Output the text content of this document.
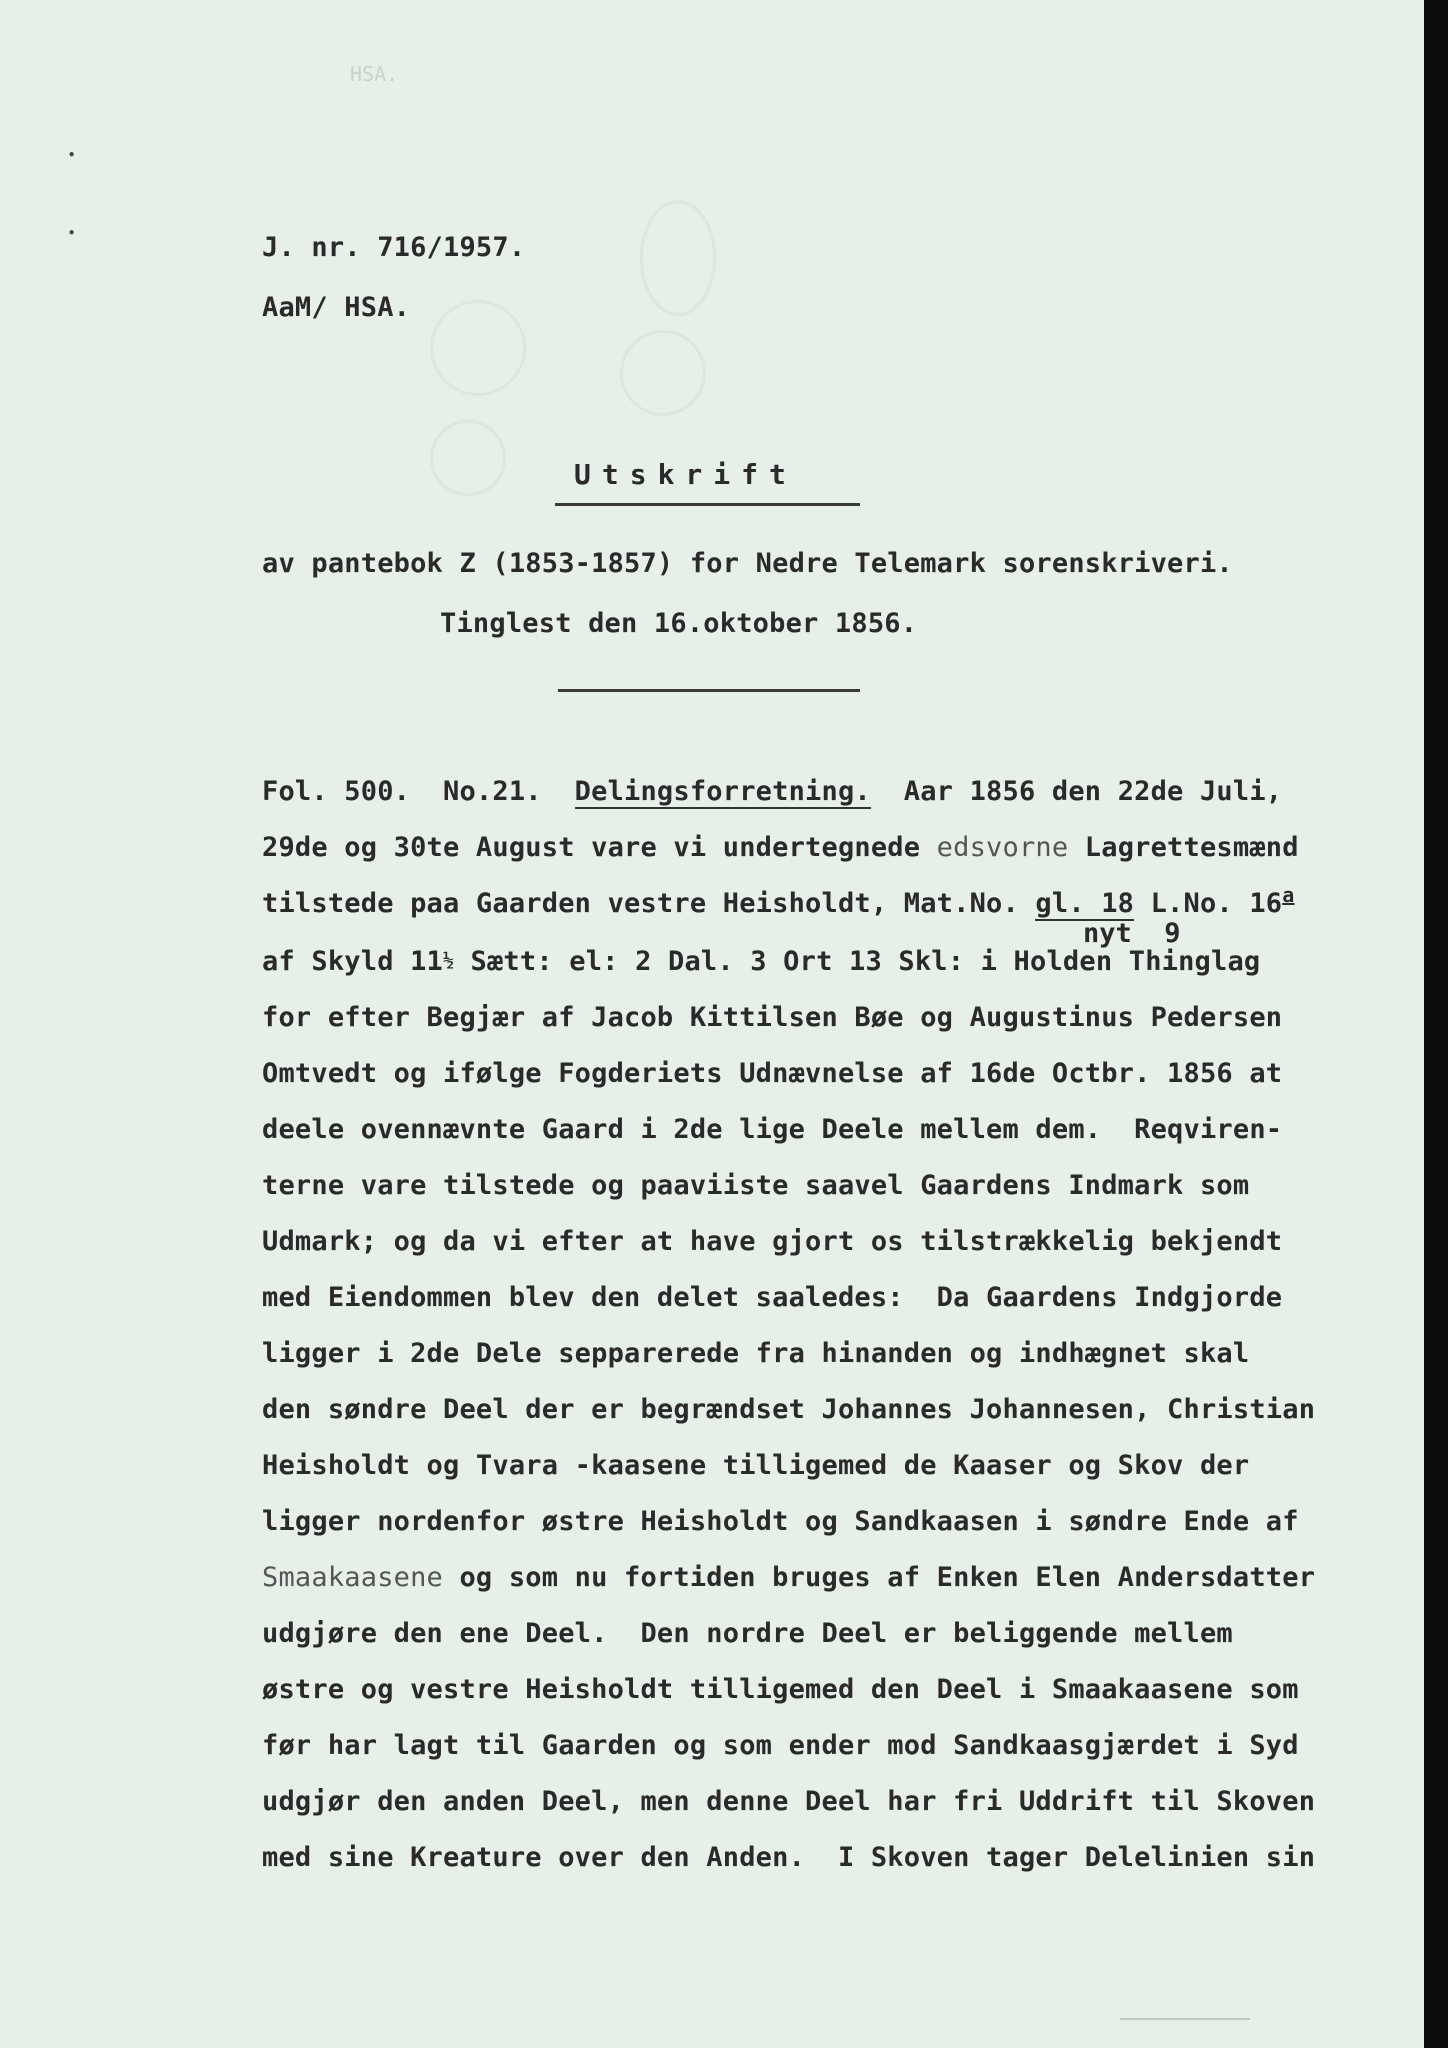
HSA.
•
•	J. nr. 716/1957.
AaM/ HSA.
Utskrift
av pantebok Z (1853-1857) for Nedre Telemark sorenskriveri.
Tinglest den 16.oktober 1856.
Fol. 500.  No.21.  Delingsforretning.  Aar 1856 den 22de Juli,
29de og 30te August vare vi undertegnede edsvorne Lagrettesmænd
tilstede paa Gaarden vestre Heisholdt, Mat.No. gl. 18 L.No. 16$^a$
nyt  9
af Skyld 11½ Sætt: el: 2 Dal. 3 Ort 13 Skl: i Holden Thinglag
for efter Begjær af Jacob Kittilsen Bøe og Augustinus Pedersen
Omtvedt og ifølge Fogderiets Udnævnelse af 16de Octbr. 1856 at
deele ovennævnte Gaard i 2de lige Deele mellem dem.  Reqviren-
terne vare tilstede og paaviiste saavel Gaardens Indmark som
Udmark; og da vi efter at have gjort os tilstrækkelig bekjendt
med Eiendommen blev den delet saaledes:  Da Gaardens Indgjorde
ligger i 2de Dele sepparerede fra hinanden og indhægnet skal
den søndre Deel der er begrændset Johannes Johannesen, Christian
Heisholdt og Tvara -kaasene tilligemed de Kaaser og Skov der
ligger nordenfor østre Heisholdt og Sandkaasen i søndre Ende af
Smaakaasene og som nu fortiden bruges af Enken Elen Andersdatter
udgjøre den ene Deel.  Den nordre Deel er beliggende mellem
østre og vestre Heisholdt tilligemed den Deel i Smaakaasene som
før har lagt til Gaarden og som ender mod Sandkaasgjærdet i Syd
udgjør den anden Deel, men denne Deel har fri Uddrift til Skoven
med sine Kreature over den Anden.  I Skoven tager Delelinien sin
